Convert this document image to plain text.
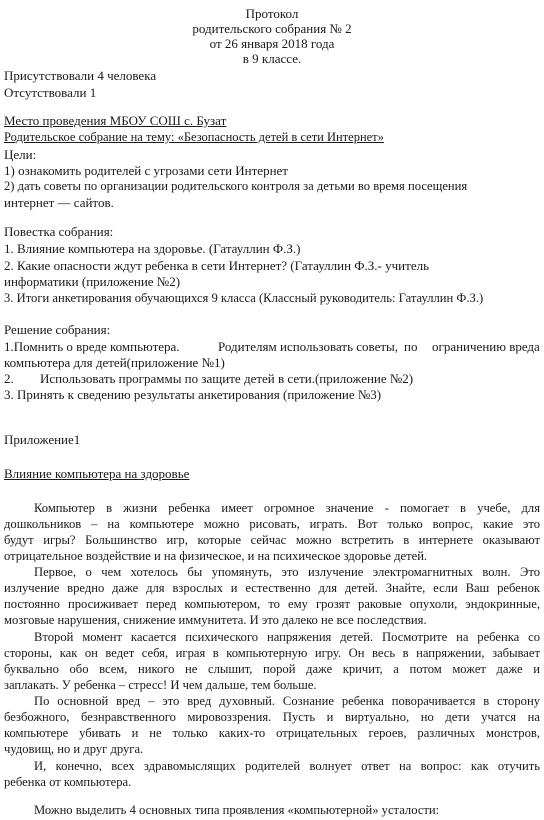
Протокол
родительского собрания № 2
от 26 января 2018 года
в 9 классе.
Присутствовали 4 человека
Отсутствовали 1
Место проведения МБОУ СОШ с. Бузат
Родительское собрание на тему: «Безопасность детей в сети Интернет»
Цели:
1) ознакомить родителей с угрозами сети Интернет
2) дать советы по организации родительского контроля за детьми во время посещения
интернет — сайтов.
Повестка собрания:
1. Влияние компьютера на здоровье. (Гатауллин Ф.З.)
2. Какие опасности ждут ребенка в сети Интернет? (Гатауллин Ф.З.- учитель
информатики (приложение №2)
3. Итоги анкетирования обучающихся 9 класса (Классный руководитель: Гатауллин Ф.З.)
Решение собрания:
1.Помнить о вреде компьютера.	Родителям использовать советы, по ограничению вреда
компьютера для детей(приложение №1)
2. Использовать программы по защите детей в сети.(приложение №2)
3. Принять к сведению результаты анкетирования (приложение №3)
Приложение1
Влияние компьютера на здоровье
Компьютер в жизни ребенка имеет огромное значение - помогает в учебе, для
дошкольников – на компьютере можно рисовать, играть. Вот только вопрос, какие это
будут игры? Большинство игр, которые сейчас можно встретить в интернете оказывают
отрицательное воздействие и на физическое, и на психическое здоровье детей.
Первое, о чем хотелось бы упомянуть, это излучение электромагнитных волн. Это
излучение вредно даже для взрослых и естественно для детей. Знайте, если Ваш ребенок
постоянно просиживает перед компьютером, то ему грозят раковые опухоли, эндокринные,
мозговые нарушения, снижение иммунитета. И это далеко не все последствия.
Второй момент касается психического напряжения детей. Посмотрите на ребенка со
стороны, как он ведет себя, играя в компьютерную игру. Он весь в напряжении, забывает
буквально обо всем, никого не слышит, порой даже кричит, а потом может даже и
заплакать. У ребенка – стресс! И чем дальше, тем больше.
По основной вред – это вред духовный. Сознание ребенка поворачивается в сторону
безбожного, безнравственного мировоззрения. Пусть и виртуально, но дети учатся на
компьютере убивать и не только каких-то отрицательных героев, различных монстров,
чудовищ, но и друг друга.
И, конечно, всех здравомыслящих родителей волнует ответ на вопрос: как отучить
ребенка от компьютера.
Можно выделить 4 основных типа проявления «компьютерной» усталости:
